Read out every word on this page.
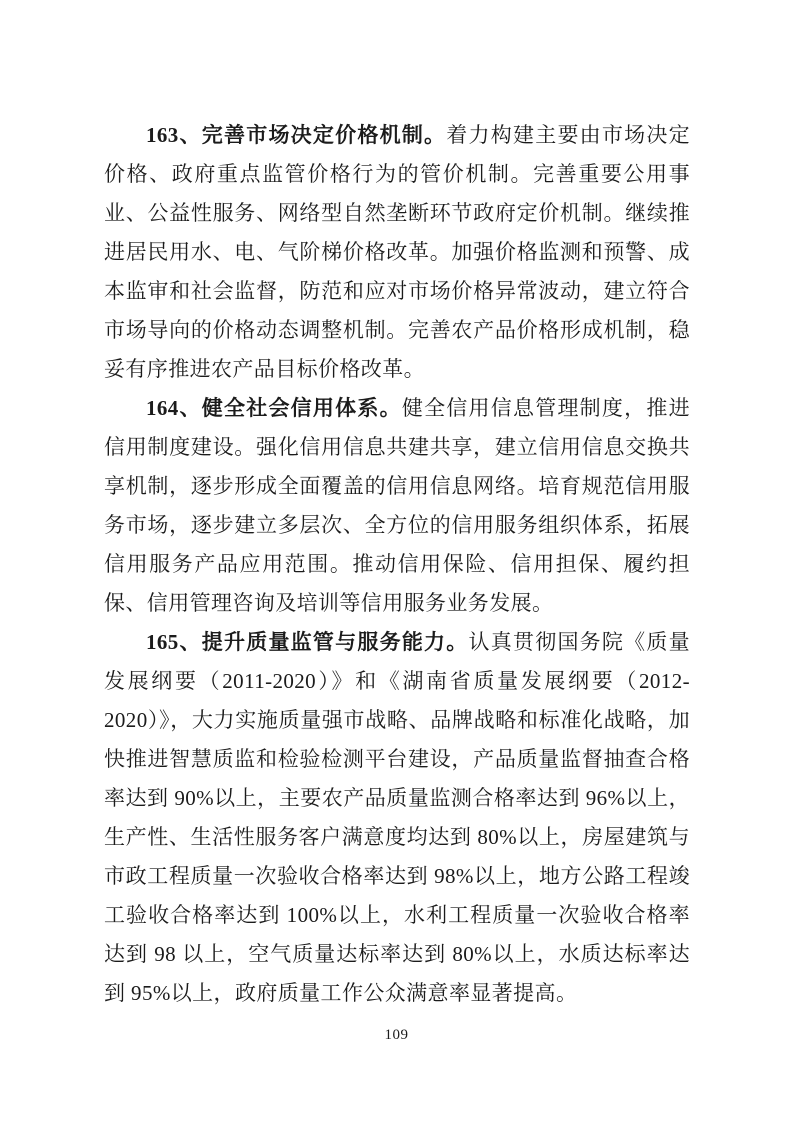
163、完善市场决定价格机制。着力构建主要由市场决定价格、政府重点监管价格行为的管价机制。完善重要公用事业、公益性服务、网络型自然垄断环节政府定价机制。继续推进居民用水、电、气阶梯价格改革。加强价格监测和预警、成本监审和社会监督，防范和应对市场价格异常波动，建立符合市场导向的价格动态调整机制。完善农产品价格形成机制，稳妥有序推进农产品目标价格改革。

164、健全社会信用体系。健全信用信息管理制度，推进信用制度建设。强化信用信息共建共享，建立信用信息交换共享机制，逐步形成全面覆盖的信用信息网络。培育规范信用服务市场，逐步建立多层次、全方位的信用服务组织体系，拓展信用服务产品应用范围。推动信用保险、信用担保、履约担保、信用管理咨询及培训等信用服务业务发展。

165、提升质量监管与服务能力。认真贯彻国务院《质量发展纲要（2011-2020）》和《湖南省质量发展纲要（2012-2020）》，大力实施质量强市战略、品牌战略和标准化战略，加快推进智慧质监和检验检测平台建设，产品质量监督抽查合格率达到 90%以上，主要农产品质量监测合格率达到 96%以上，生产性、生活性服务客户满意度均达到 80%以上，房屋建筑与市政工程质量一次验收合格率达到 98%以上，地方公路工程竣工验收合格率达到 100%以上，水利工程质量一次验收合格率达到 98 以上，空气质量达标率达到 80%以上，水质达标率达到 95%以上，政府质量工作公众满意率显著提高。

109
